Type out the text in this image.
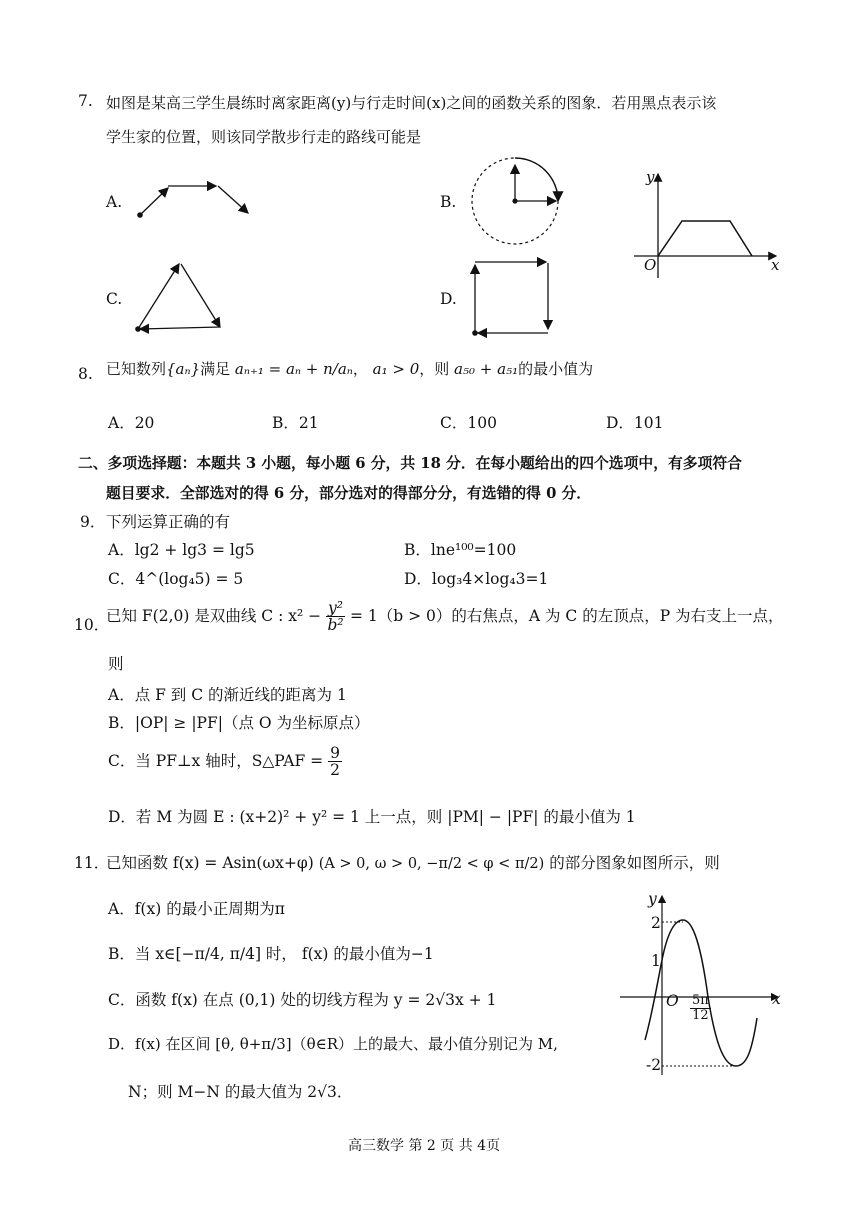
7. 如图是某高三学生晨练时离家距离(y)与行走时间(x)之间的函数关系的图象．若用黑点表示该
学生家的位置，则该同学散步行走的路线可能是
A.	B.
C.	D.
y
x
O
8. 已知数列{aₙ}满足 aₙ₊₁ = aₙ + n/aₙ， a₁ > 0，则 a₅₀ + a₅₁的最小值为
A．20	B．21	C．100	D．101
二、多项选择题：本题共 3 小题，每小题 6 分，共 18 分．在每小题给出的四个选项中，有多项符合
题目要求．全部选对的得 6 分，部分选对的得部分分，有选错的得 0 分．
9． 下列运算正确的有
A．lg2 + lg3 = lg5	B．lne¹⁰⁰=100
C．4^(log₄5) = 5	D．log₃4×log₄3=1
10．
已知 F(2,0) 是双曲线 C : $x^2 - \frac{\text{y²}}{\text{b²}} = 1(b > 0)$的右焦点，A 为 C 的左顶点，P 为右支上一点，
则
A．点 F 到 C 的渐近线的距离为 1
B．|OP| ≥ |PF|（点 O 为坐标原点）
C．当 PF⊥x 轴时，S△PAF = $\frac{9}{2}$
D．若 M 为圆 E : (x+2)² + y² = 1 上一点，则 |PM| − |PF| 的最小值为 1
11．
已知函数 f(x) = Asin(ωx+φ) (A > 0, ω > 0, −π/2 < φ < π/2) 的部分图象如图所示，则
A．f(x) 的最小正周期为π
B．当 x∈[−π/4, π/4] 时， f(x) 的最小值为−1
C．函数 f(x) 在点 (0,1) 处的切线方程为 y = 2√3x + 1
D．f(x) 在区间 [θ, θ+π/3]（θ∈R）上的最大、最小值分别记为 M,
N；则 M−N 的最大值为 2√3．
y
x
O
2
1
-2
$\frac{5\pi}{12}$
高三数学 第 2 页 共 4页
